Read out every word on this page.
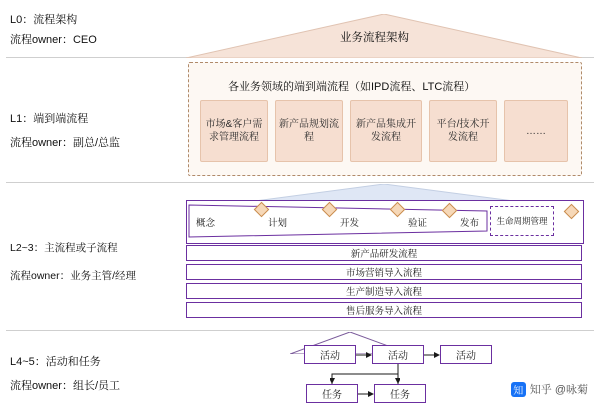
L0：流程架构
流程owner：CEO	业务流程架构
L1：端到端流程
流程owner：副总/总监
各业务领域的端到端流程（如IPD流程、LTC流程）
市场&客户需求管理流程
新产品规划流程
新产品集成开发流程
平台/技术开发流程
……
L2~3：主流程或子流程
流程owner：业务主管/经理
概念	计划	开发	验证	发布	生命周期管理
新产品研发流程
市场营销导入流程
生产制造导入流程
售后服务导入流程
L4~5：活动和任务
流程owner：组长/员工
活动	活动	活动
任务	任务	知 知乎 @咏菊
